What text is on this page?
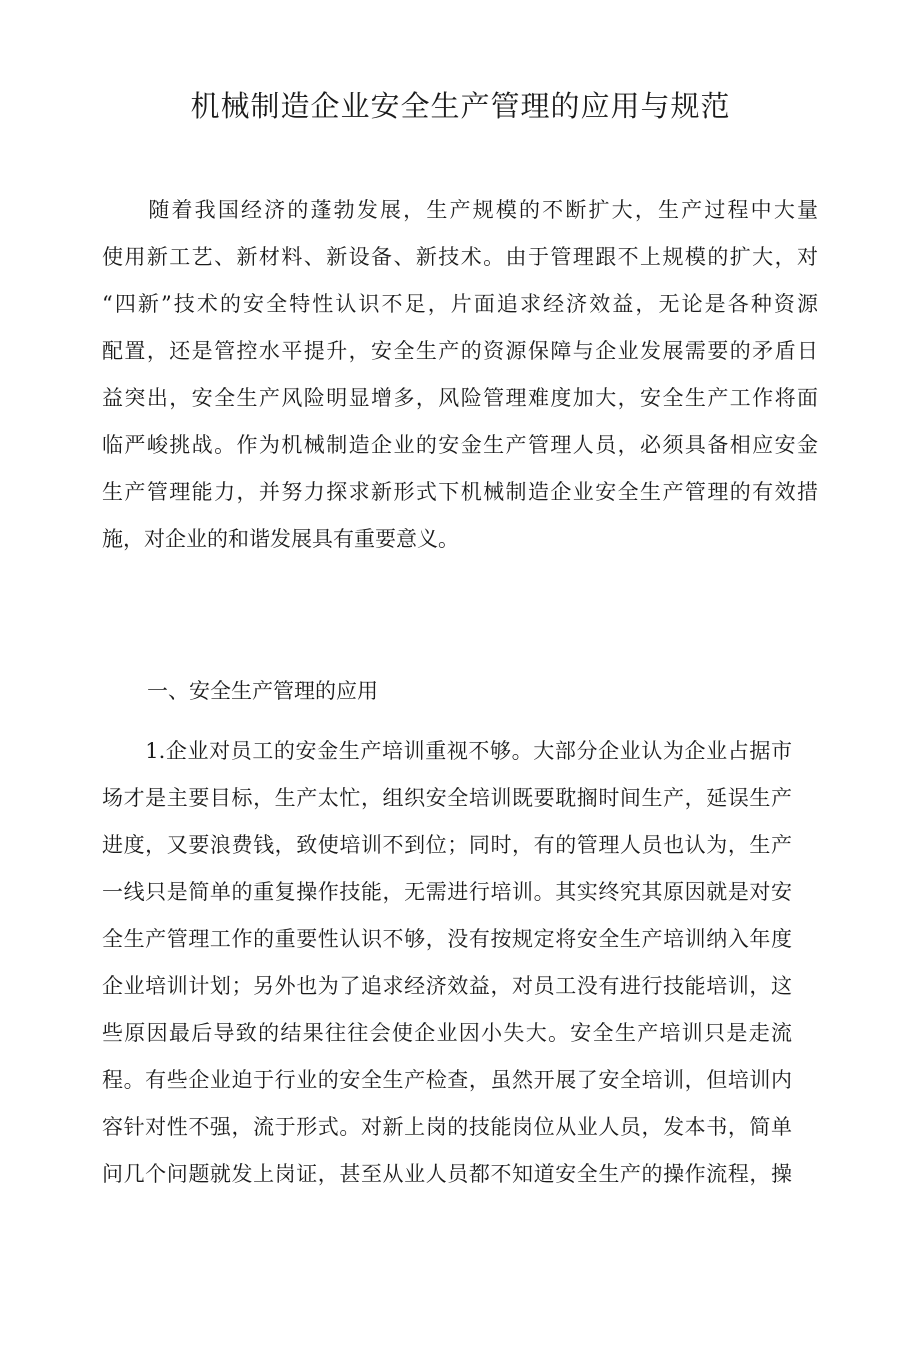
机械制造企业安全生产管理的应用与规范
　　随着我国经济的蓬勃发展，生产规模的不断扩大，生产过程中大量
使用新工艺、新材料、新设备、新技术。由于管理跟不上规模的扩大，对
“四新”技术的安全特性认识不足，片面追求经济效益，无论是各种资源
配置，还是管控水平提升，安全生产的资源保障与企业发展需要的矛盾日
益突出，安全生产风险明显增多，风险管理难度加大，安全生产工作将面
临严峻挑战。作为机械制造企业的安金生产管理人员，必须具备相应安金
生产管理能力，并努力探求新形式下机械制造企业安全生产管理的有效措
施，对企业的和谐发展具有重要意义。
一、安全生产管理的应用
　　1.企业对员工的安金生产培训重视不够。大部分企业认为企业占据市
场才是主要目标，生产太忙，组织安全培训既要耽搁时间生产，延误生产
进度，又要浪费钱，致使培训不到位；同时，有的管理人员也认为，生产
一线只是简单的重复操作技能，无需进行培训。其实终究其原因就是对安
全生产管理工作的重要性认识不够，没有按规定将安全生产培训纳入年度
企业培训计划；另外也为了追求经济效益，对员工没有进行技能培训，这
些原因最后导致的结果往往会使企业因小失大。安全生产培训只是走流
程。有些企业迫于行业的安全生产检查，虽然开展了安全培训，但培训内
容针对性不强，流于形式。对新上岗的技能岗位从业人员，发本书，简单
问几个问题就发上岗证，甚至从业人员都不知道安全生产的操作流程，操
